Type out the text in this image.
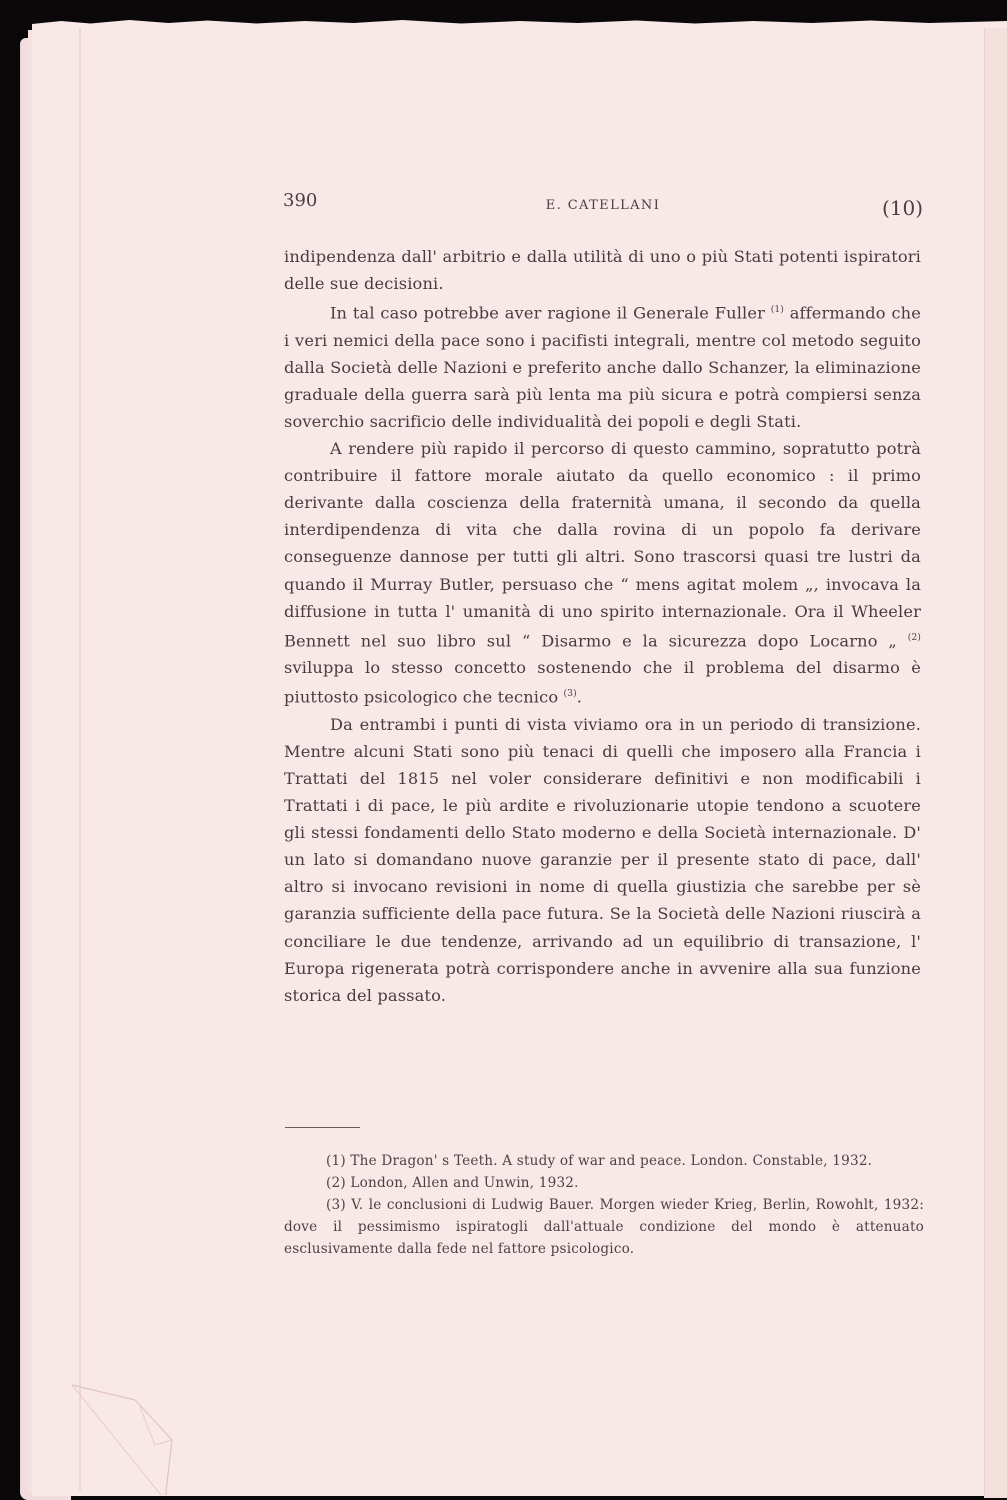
390	E. CATELLANI	(10)

indipendenza dall' arbitrio e dalla utilità di uno o più Stati potenti ispiratori delle sue decisioni.

In tal caso potrebbe aver ragione il Generale Fuller $^{(1)}$ affermando che i veri nemici della pace sono i pacifisti integrali, mentre col metodo seguito dalla Società delle Nazioni e preferito anche dallo Schanzer, la eliminazione graduale della guerra sarà più lenta ma più sicura e potrà compiersi senza soverchio sacrificio delle individualità dei popoli e degli Stati.

A rendere più rapido il percorso di questo cammino, sopratutto potrà contribuire il fattore morale aiutato da quello economico : il primo derivante dalla coscienza della fraternità umana, il secondo da quella interdipendenza di vita che dalla rovina di un popolo fa derivare conseguenze dannose per tutti gli altri. Sono trascorsi quasi tre lustri da quando il Murray Butler, persuaso che “ mens agitat molem „, invocava la diffusione in tutta l' umanità di uno spirito internazionale. Ora il Wheeler Bennett nel suo libro sul “ Disarmo e la sicurezza dopo Locarno „ $^{(2)}$ sviluppa lo stesso concetto sostenendo che il problema del disarmo è piuttosto psicologico che tecnico $^{(3)}$.

Da entrambi i punti di vista viviamo ora in un periodo di transizione. Mentre alcuni Stati sono più tenaci di quelli che imposero alla Francia i Trattati del 1815 nel voler considerare definitivi e non modificabili i Trattati i di pace, le più ardite e rivoluzionarie utopie tendono a scuotere gli stessi fondamenti dello Stato moderno e della Società internazionale. D' un lato si domandano nuove garanzie per il presente stato di pace, dall' altro si invocano revisioni in nome di quella giustizia che sarebbe per sè garanzia sufficiente della pace futura. Se la Società delle Nazioni riuscirà a conciliare le due tendenze, arrivando ad un equilibrio di transazione, l' Europa rigenerata potrà corrispondere anche in avvenire alla sua funzione storica del passato.

(1) The Dragon' s Teeth. A study of war and peace. London. Constable, 1932.

(2) London, Allen and Unwin, 1932.

(3) V. le conclusioni di Ludwig Bauer. Morgen wieder Krieg, Berlin, Rowohlt, 1932: dove il pessimismo ispiratogli dall'attuale condizione del mondo è attenuato esclusivamente dalla fede nel fattore psicologico.
